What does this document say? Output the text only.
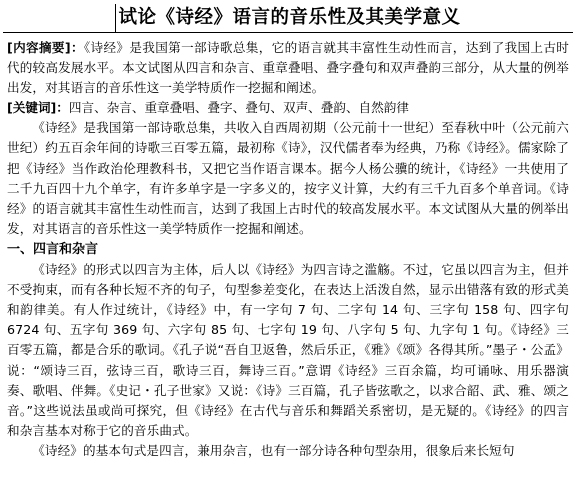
试论《诗经》语言的音乐性及其美学意义

[内容摘要]：《诗经》是我国第一部诗歌总集，它的语言就其丰富性生动性而言，达到了我国上古时代的较高发展水平。本文试图从四言和杂言、重章叠唱、叠字叠句和双声叠韵三部分，从大量的例举出发，对其语言的音乐性这一美学特质作一挖掘和阐述。

[关键词]：四言、杂言、重章叠唱、叠字、叠句、双声、叠韵、自然韵律

《诗经》是我国第一部诗歌总集，共收入自西周初期（公元前十一世纪）至春秋中叶（公元前六世纪）约五百余年间的诗歌三百零五篇，最初称《诗》，汉代儒者奉为经典，乃称《诗经》。儒家除了把《诗经》当作政治伦理教科书，又把它当作语言课本。据今人杨公骥的统计，《诗经》一共使用了二千九百四十九个单字，有许多单字是一字多义的，按字义计算，大约有三千九百多个单音词。《诗经》的语言就其丰富性生动性而言，达到了我国上古时代的较高发展水平。本文试图从大量的例举出发，对其语言的音乐性这一美学特质作一挖掘和阐述。

一、四言和杂言

《诗经》的形式以四言为主体，后人以《诗经》为四言诗之滥觞。不过，它虽以四言为主，但并不受拘束，而有各种长短不齐的句子，句型参差变化，在表达上活泼自然，显示出错落有致的形式美和韵律美。有人作过统计，《诗经》中，有一字句 7 句、二字句 14 句、三字句 158 句、四字句 6724 句、五字句 369 句、六字句 85 句、七字句 19 句、八字句 5 句、九字句 1 句。《诗经》三百零五篇，都是合乐的歌词。《孔子说“吾自卫返鲁，然后乐正，《雅》《颂》各得其所。”墨子・公孟》说：“颂诗三百，弦诗三百，歌诗三百，舞诗三百。”意谓《诗经》三百余篇，均可诵咏、用乐器演奏、歌唱、伴舞。《史记・孔子世家》又说：《诗》三百篇，孔子皆弦歌之，以求合韶、武、雅、颂之音。”这些说法虽或尚可探究，但《诗经》在古代与音乐和舞蹈关系密切，是无疑的。《诗经》的四言和杂言基本对称于它的音乐曲式。

《诗经》的基本句式是四言，兼用杂言，也有一部分诗各种句型杂用，很象后来长短句
